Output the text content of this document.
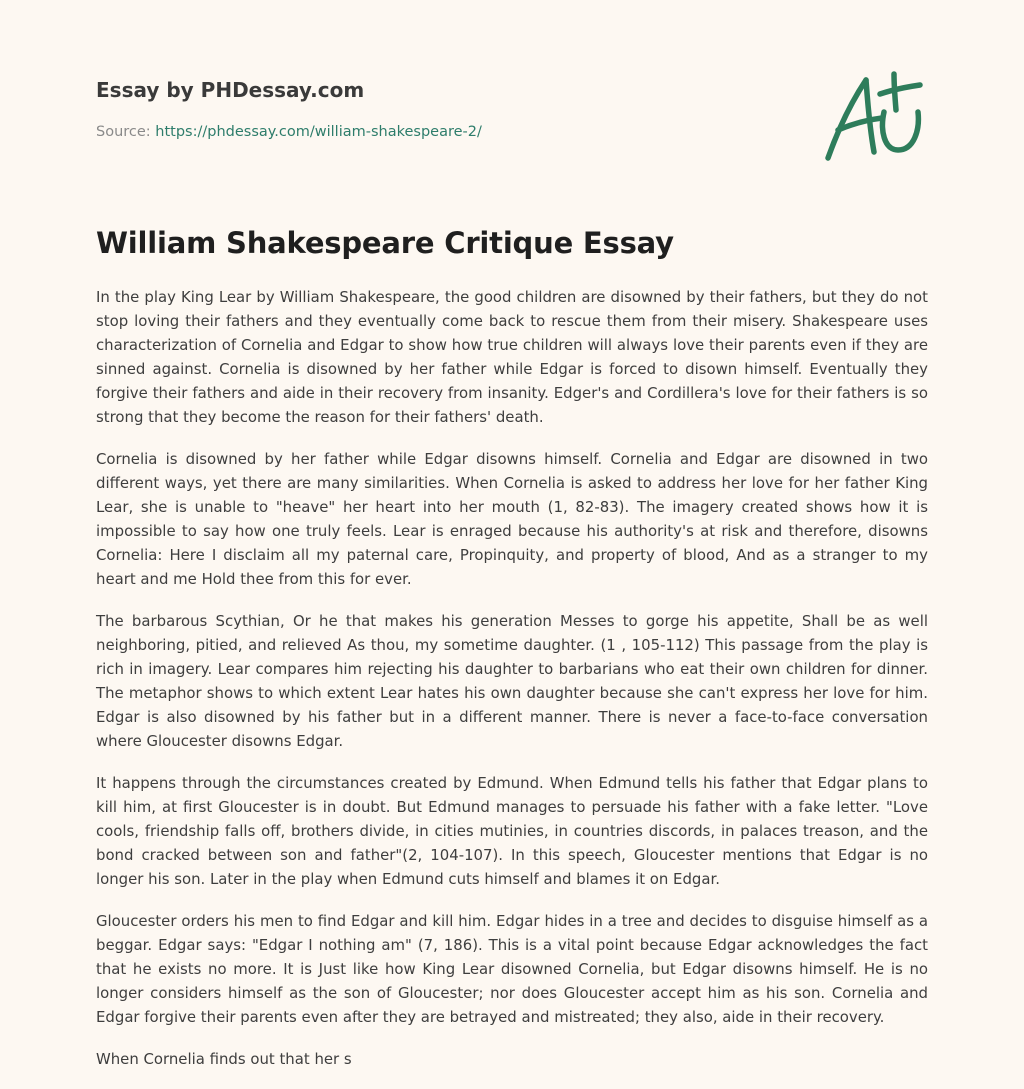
Essay by PHDessay.com
Source: https://phdessay.com/william-shakespeare-2/
William Shakespeare Critique Essay

In the play King Lear by William Shakespeare, the good children are disowned by their fathers, but they do not stop loving their fathers and they eventually come back to rescue them from their misery. Shakespeare uses characterization of Cornelia and Edgar to show how true children will always love their parents even if they are sinned against. Cornelia is disowned by her father while Edgar is forced to disown himself. Eventually they forgive their fathers and aide in their recovery from insanity. Edger's and Cordillera's love for their fathers is so strong that they become the reason for their fathers' death.

Cornelia is disowned by her father while Edgar disowns himself. Cornelia and Edgar are disowned in two different ways, yet there are many similarities. When Cornelia is asked to address her love for her father King Lear, she is unable to "heave" her heart into her mouth (1, 82-83). The imagery created shows how it is impossible to say how one truly feels. Lear is enraged because his authority's at risk and therefore, disowns Cornelia: Here I disclaim all my paternal care, Propinquity, and property of blood, And as a stranger to my heart and me Hold thee from this for ever.

The barbarous Scythian, Or he that makes his generation Messes to gorge his appetite, Shall be as well neighboring, pitied, and relieved As thou, my sometime daughter. (1 , 105-112) This passage from the play is rich in imagery. Lear compares him rejecting his daughter to barbarians who eat their own children for dinner. The metaphor shows to which extent Lear hates his own daughter because she can't express her love for him. Edgar is also disowned by his father but in a different manner. There is never a face-to-face conversation where Gloucester disowns Edgar.

It happens through the circumstances created by Edmund. When Edmund tells his father that Edgar plans to kill him, at first Gloucester is in doubt. But Edmund manages to persuade his father with a fake letter. "Love cools, friendship falls off, brothers divide, in cities mutinies, in countries discords, in palaces treason, and the bond cracked between son and father"(2, 104-107). In this speech, Gloucester mentions that Edgar is no longer his son. Later in the play when Edmund cuts himself and blames it on Edgar.

Gloucester orders his men to find Edgar and kill him. Edgar hides in a tree and decides to disguise himself as a beggar. Edgar says: "Edgar I nothing am" (7, 186). This is a vital point because Edgar acknowledges the fact that he exists no more. It is Just like how King Lear disowned Cornelia, but Edgar disowns himself. He is no longer considers himself as the son of Gloucester; nor does Gloucester accept him as his son. Cornelia and Edgar forgive their parents even after they are betrayed and mistreated; they also, aide in their recovery.

When Cornelia finds out that her s
